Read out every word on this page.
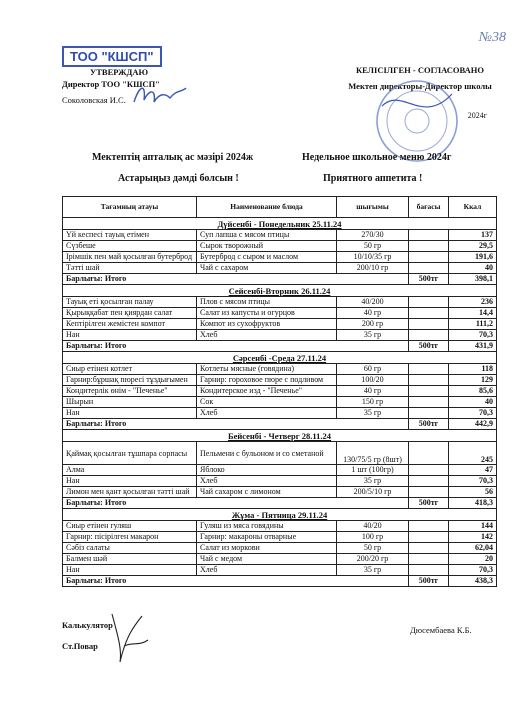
№38
ТОО "КШСП"
УТВЕРЖДАЮ
Директор ТОО "КШСП"
Соколовская И.С.
КЕЛІСІЛГЕН - СОГЛАСОВАНО
Мектеп директоры-Директор школы
2024г
Мектептің апталық ас мәзірі 2024ж	Недельное школьное меню 2024г
Астарыңыз дәмді болсын !	Приятного аппетита !
Тағамның атауы	Наименование блюда	шығымы	бағасы	Ккал
Дүйсенбі - Понедельник 25.11.24				
Үй кеспесі тауық етімен	Суп лапша с мясом птицы	270/30		137
Сүзбеше	Сырок творожный	50 гр		29,5
Ірімшік пен май қосылған бутерброд	Бутерброд с сыром и маслом	10/10/35 гр		191,6
Тәтті шай	Чай с сахаром	200/10 гр		40
Барлығы: Итого			500тг	398,1
Сейсенбі-Вторник 26.11.24				
Тауық еті қосылған палау	Плов с мясом птицы	40/200		236
Қырыққабат пен қиярдан салат	Салат из капусты и огурцов	40 гр		14,4
Кептірілген жемістен компот	Компот из сухофруктов	200 гр		111,2
Нан	Хлеб	35 гр		70,3
Барлығы: Итого			500тг	431,9
Сәрсенбі -Среда 27.11.24				
Сиыр етінен котлет	Котлеты мясные (говядина)	60 гр		118
Гарнир:бұршақ пюресі тұздығымен	Гарнир: гороховое пюре с подливом	100/20		129
Кондитерлік өнім - "Печенье"	Кондитерское изд - "Печенье"	40 гр		85,6
Шырын	Сок	150 гр		40
Нан	Хлеб	35 гр		70,3
Барлығы: Итого			500тг	442,9
Бейсенбі - Четверг 28.11.24				
Қаймақ қосылған тұшпара сорпасы	Пельмени с бульоном и со сметаной	130/75/5 гр (8шт)		245
Алма	Яблоко	1 шт (100гр)		47
Нан	Хлеб	35 гр		70,3
Лимон мен қант қосылған тәтті шай	Чай сахаром с лимоном	200/5/10 гр		56
Барлығы: Итого			500тг	418,3
Жұма - Пятница 29.11.24				
Сиыр етінен гуляш	Гуляш из мяса говядины	40/20		144
Гарнир: пісірілген макарон	Гарнир: макароны отварные	100 гр		142
Сәбіз салаты	Салат из моркови	50 гр		62,04
Балмен шәй	Чай с медом	200/20 гр		20
Нан	Хлеб	35 гр		70,3
Барлығы: Итого			500тг	438,3
Калькулятор
Ст.Повар
Дюсембаева К.Б.
